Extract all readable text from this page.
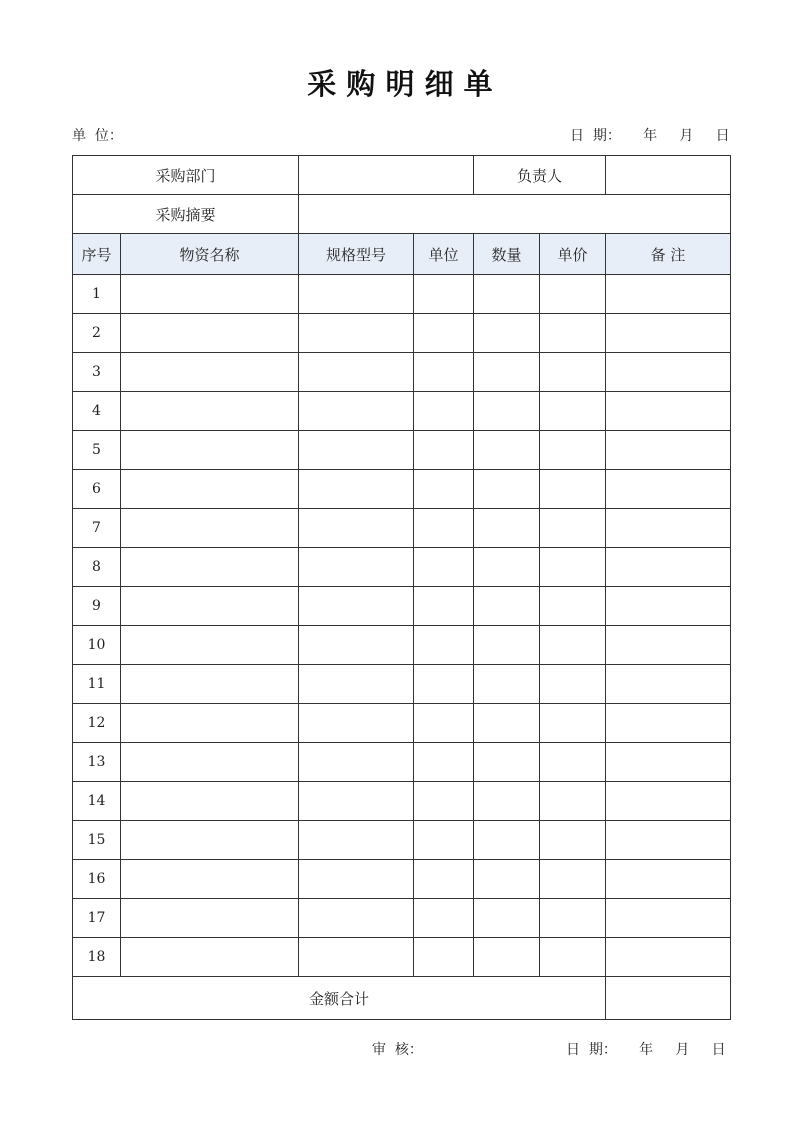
采 购 明 细 单
单  位：	日  期：     年     月     日
采购部门				负责人		
采购摘要						
序号	物资名称	规格型号	单位	数量	单价	备 注
1						
2						
3						
4						
5						
6						
7						
8						
9						
10						
11						
12						
13						
14						
15						
16						
17						
18						
金额合计						
审  核：	日  期：     年     月     日
